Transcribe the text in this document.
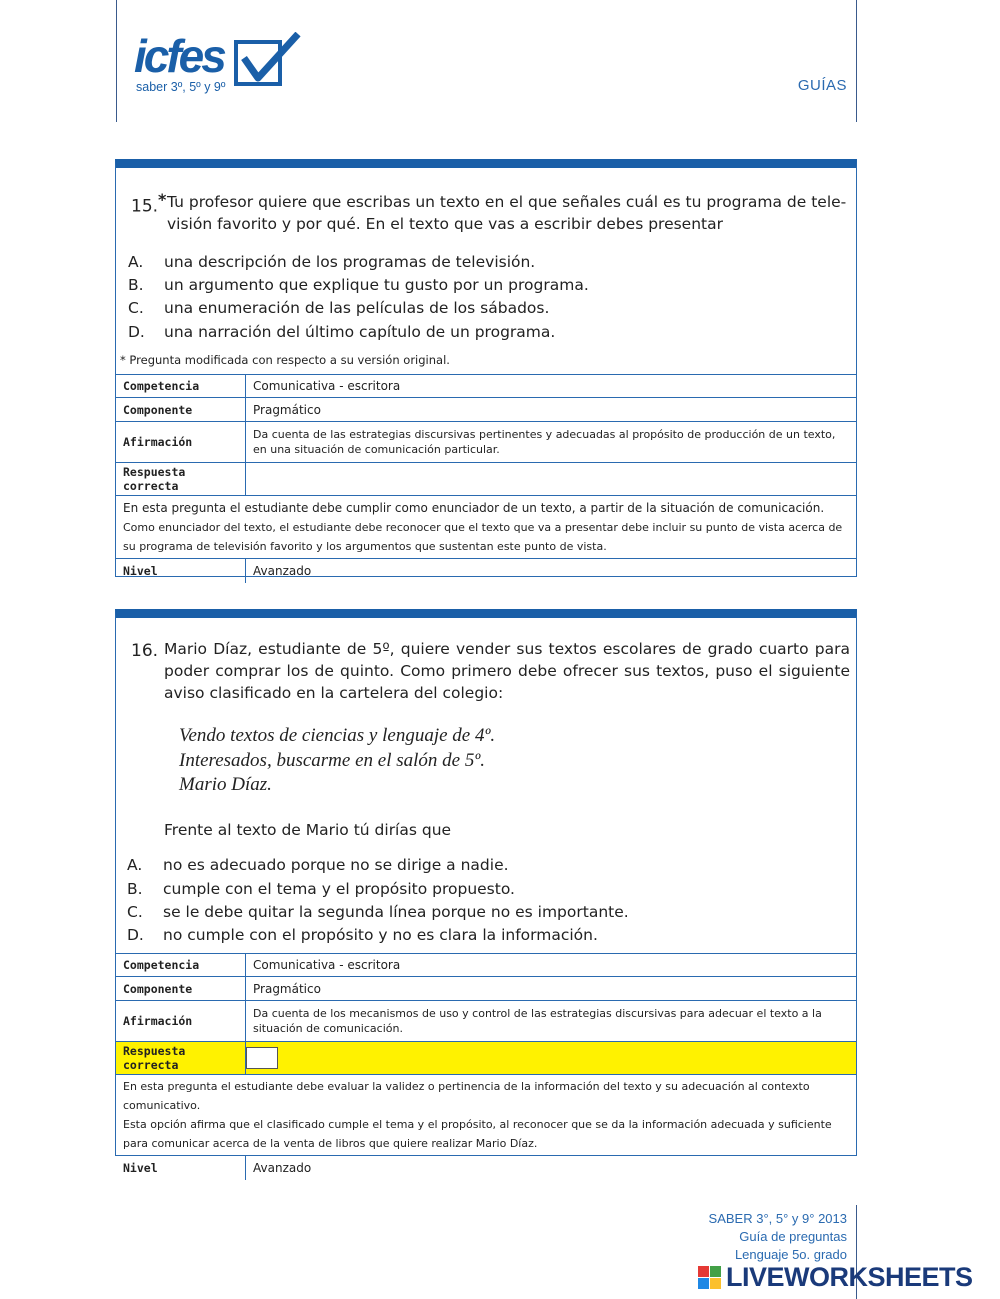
icfes
saber 3º, 5º y 9º	GUÍAS
15.* Tu profesor quiere que escribas un texto en el que señales cuál es tu programa de tele-
visión favorito y por qué. En el texto que vas a escribir debes presentar
A. una descripción de los programas de televisión.
B. un argumento que explique tu gusto por un programa.
C. una enumeración de las películas de los sábados.
D. una narración del último capítulo de un programa.
* Pregunta modificada con respecto a su versión original.
Competencia	Comunicativa - escritora
Componente	Pragmático
Afirmación	Da cuenta de las estrategias discursivas pertinentes y adecuadas al propósito de producción de un texto, en una situación de comunicación particular.
Respuesta correcta	

En esta pregunta el estudiante debe cumplir como enunciador de un texto, a partir de la situación de comunicación.
Como enunciador del texto, el estudiante debe reconocer que el texto que va a presentar debe incluir su punto de vista acerca de su programa de televisión favorito y los argumentos que sustentan este punto de vista.	

Nivel	Avanzado
16. Mario Díaz, estudiante de 5º, quiere vender sus textos escolares de grado cuarto para poder comprar los de quinto. Como primero debe ofrecer sus textos, puso el siguiente aviso clasificado en la cartelera del colegio:
Vendo textos de ciencias y lenguaje de 4º.
Interesados, buscarme en el salón de 5º.
Mario Díaz.
Frente al texto de Mario tú dirías que
A. no es adecuado porque no se dirige a nadie.
B. cumple con el tema y el propósito propuesto.
C. se le debe quitar la segunda línea porque no es importante.
D. no cumple con el propósito y no es clara la información.
Competencia	Comunicativa - escritora
Componente	Pragmático
Afirmación	Da cuenta de los mecanismos de uso y control de las estrategias discursivas para adecuar el texto a la situación de comunicación.
Respuesta correcta	

En esta pregunta el estudiante debe evaluar la validez o pertinencia de la información del texto y su adecuación al contexto comunicativo.
Esta opción afirma que el clasificado cumple el tema y el propósito, al reconocer que se da la información adecuada y suficiente para comunicar acerca de la venta de libros que quiere realizar Mario Díaz.	

Nivel	Avanzado
SABER 3°, 5° y 9° 2013
Guía de preguntas
Lenguaje 5o. grado
LIVEWORKSHEETS
